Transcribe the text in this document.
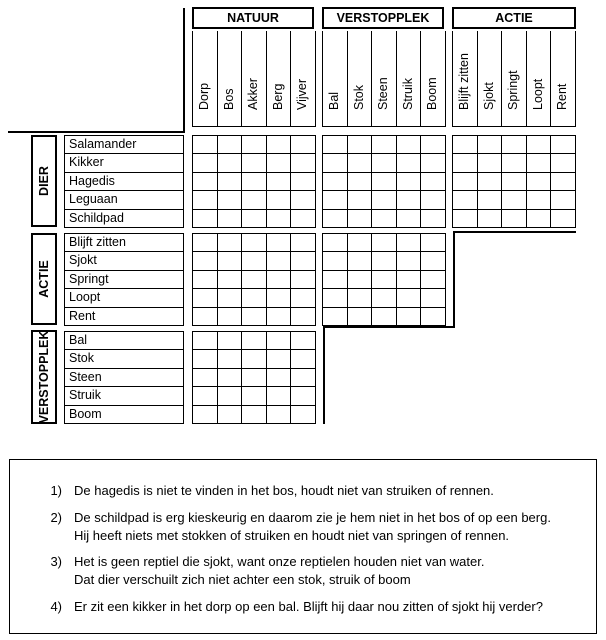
NATUUR	VERSTOPPLEK	ACTIE
Dorp Bos Akker Berg Vijver Bal Stok Steen Struik Boom Blijft zitten Sjokt Springt Loopt Rent
DIER
ACTIE
VERSTOPPLEK
Salamander
Kikker
Hagedis
Leguaan
Schildpad
Blijft zitten
Sjokt
Springt
Loopt
Rent
Bal
Stok
Steen
Struik
Boom
1) De hagedis is niet te vinden in het bos, houdt niet van struiken of rennen.
2) De schildpad is erg kieskeurig en daarom zie je hem niet in het bos of op een berg.
Hij heeft niets met stokken of struiken en houdt niet van springen of rennen.
3) Het is geen reptiel die sjokt, want onze reptielen houden niet van water.
Dat dier verschuilt zich niet achter een stok, struik of boom
4) Er zit een kikker in het dorp op een bal. Blijft hij daar nou zitten of sjokt hij verder?
